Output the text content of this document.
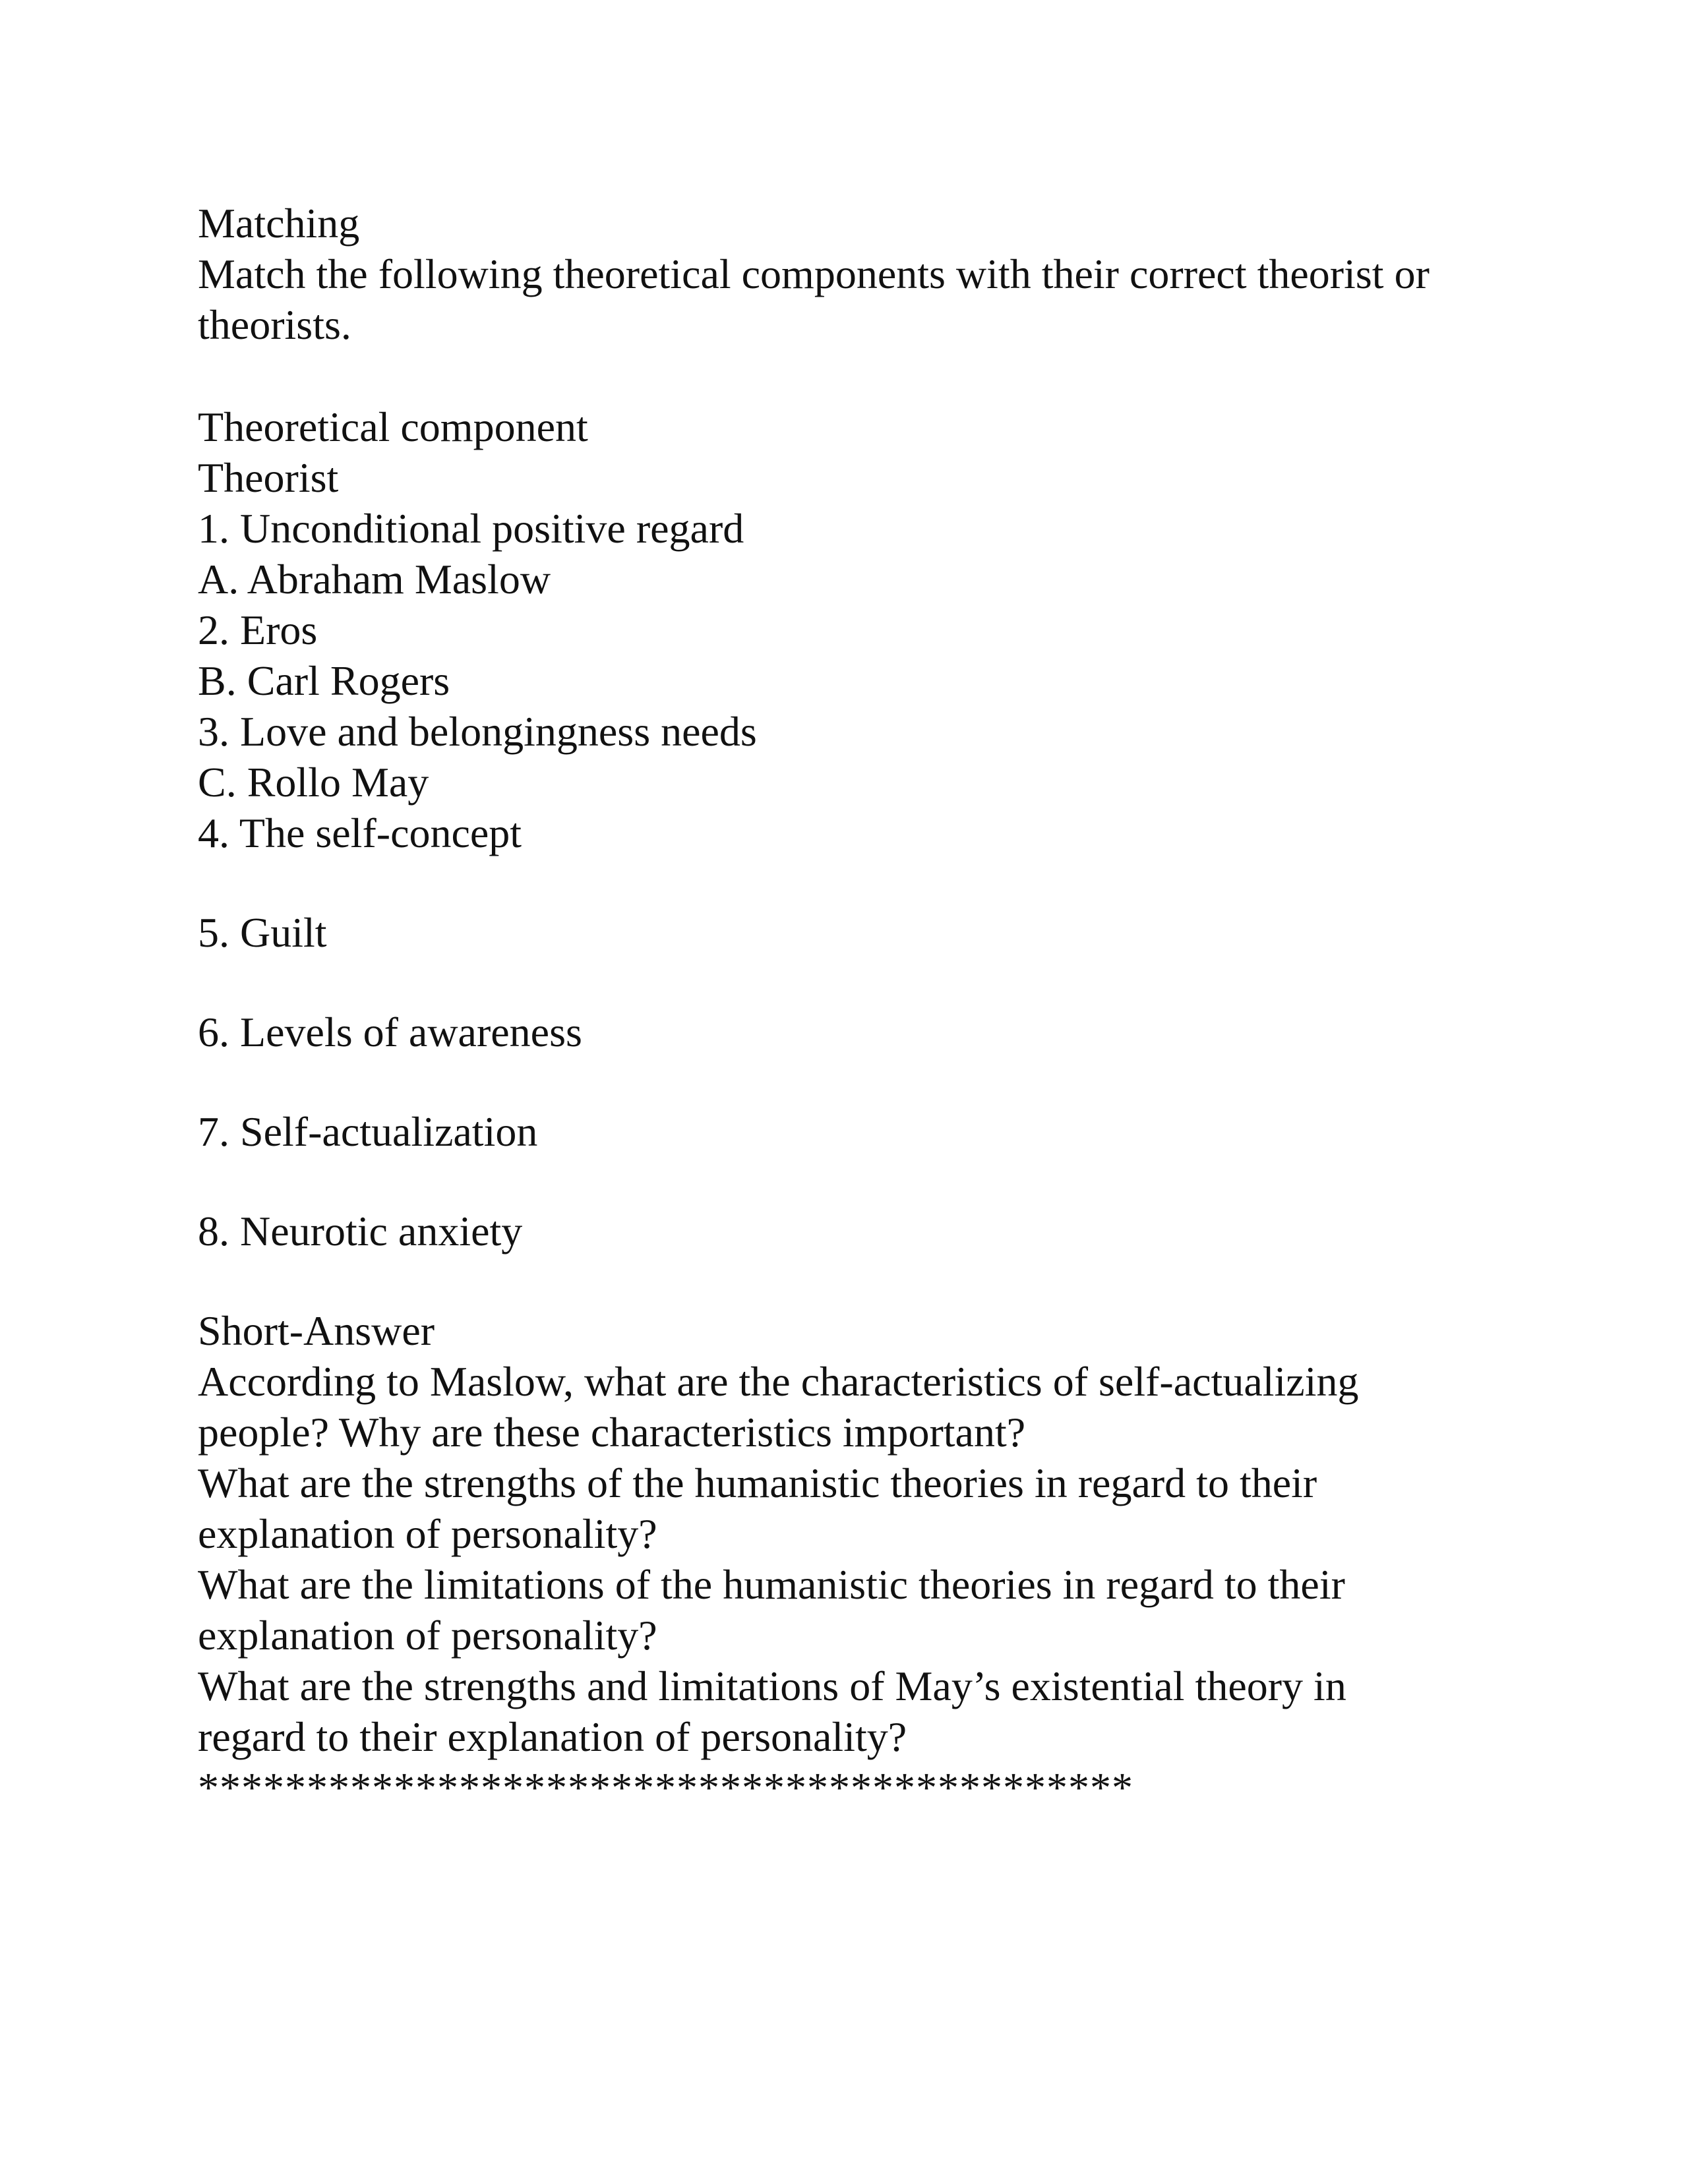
Matching
Match the following theoretical components with their correct theorist or
theorists.
Theoretical component
Theorist
1. Unconditional positive regard
A. Abraham Maslow
2. Eros
B. Carl Rogers
3. Love and belongingness needs
C. Rollo May
4. The self-concept
5. Guilt
6. Levels of awareness
7. Self-actualization
8. Neurotic anxiety
Short-Answer
According to Maslow, what are the characteristics of self-actualizing
people? Why are these characteristics important?
What are the strengths of the humanistic theories in regard to their
explanation of personality?
What are the limitations of the humanistic theories in regard to their
explanation of personality?
What are the strengths and limitations of May’s existential theory in
regard to their explanation of personality?
*******************************************
